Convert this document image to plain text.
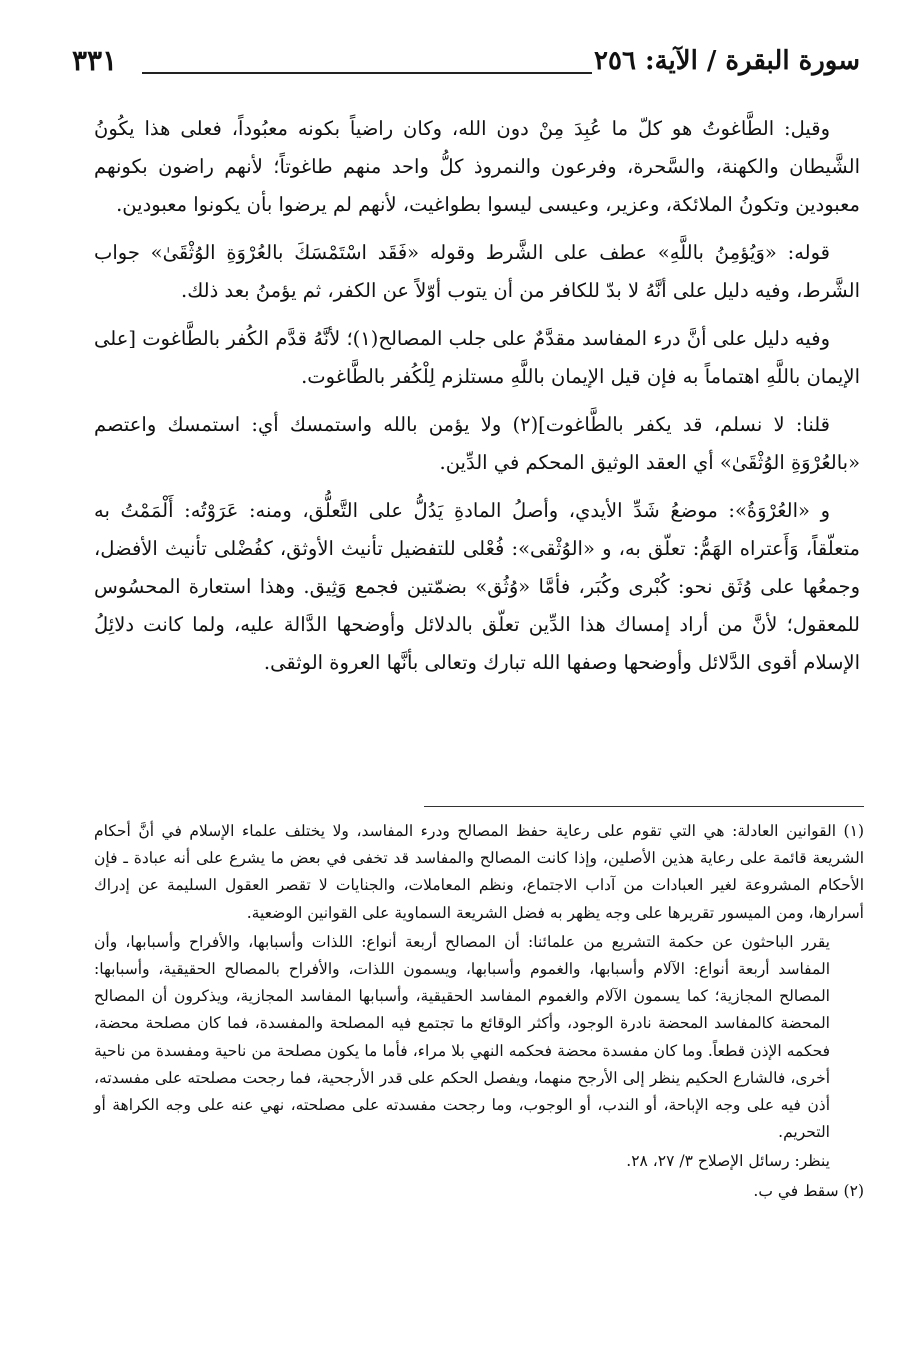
سورة البقرة / الآية: ٢٥٦
٣٣١

وقيل: الطَّاغوتُ هو كلّ ما عُبِدَ مِنْ دون الله، وكان راضياً بكونه معبُوداً، فعلى هذا يكُونُ الشَّيطان والكهنة، والسَّحرة، وفرعون والنمروذ كلُّ واحد منهم طاغوتاً؛ لأنهم راضون بكونهم معبودين وتكونُ الملائكة، وعزير، وعيسى ليسوا بطواغيت، لأنهم لم يرضوا بأن يكونوا معبودين.

قوله: «وَيُؤمِنُ باللَّهِ» عطف على الشَّرط وقوله «فَقَد اسْتَمْسَكَ بالعُرْوَةِ الوُثْقَىٰ» جواب الشَّرط، وفيه دليل على أنَّهُ لا بدّ للكافر من أن يتوب أوّلاً عن الكفر، ثم يؤمنُ بعد ذلك.

وفيه دليل على أنَّ درء المفاسد مقدَّمٌ على جلب المصالح(١)؛ لأنَّهُ قدَّم الكُفر بالطَّاغوت [على الإيمان باللَّهِ اهتماماً به فإن قيل الإيمان باللَّهِ مستلزم لِلْكُفر بالطَّاغوت.

قلنا: لا نسلم، قد يكفر بالطَّاغوت](٢) ولا يؤمن بالله واستمسك أي: استمسك واعتصم «بالعُرْوَةِ الوُثْقَىٰ» أي العقد الوثيق المحكم في الدِّين.

و «العُرْوَةُ»: موضعُ شَدِّ الأيدي، وأصلُ المادةِ يَدُلُّ على التَّعلُّق، ومنه: عَرَوْتُه: أَلْمَمْتُ به متعلّقاً، وَأَعتراه الهَمُّ: تعلّق به، و «الوُثْقى»: فُعْلى للتفضيل تأنيث الأوثق، كفُضْلى تأنيث الأفضل، وجمعُها على وُثَق نحو: كُبْرى وكُبَر، فأمَّا «وُثُق» بضمّتين فجمع وَثِيق. وهذا استعارة المحسُوس للمعقول؛ لأنَّ من أراد إمساك هذا الدِّين تعلّق بالدلائل وأوضحها الدَّالة عليه، ولما كانت دلائِلُ الإسلام أقوى الدَّلائل وأوضحها وصفها الله تبارك وتعالى بأنَّها العروة الوثقى.

(١) القوانين العادلة: هي التي تقوم على رعاية حفظ المصالح ودرء المفاسد، ولا يختلف علماء الإسلام في أنَّ أحكام الشريعة قائمة على رعاية هذين الأصلين، وإذا كانت المصالح والمفاسد قد تخفى في بعض ما يشرع على أنه عبادة ـ فإن الأحكام المشروعة لغير العبادات من آداب الاجتماع، ونظم المعاملات، والجنايات لا تقصر العقول السليمة عن إدراك أسرارها، ومن الميسور تقريرها على وجه يظهر به فضل الشريعة السماوية على القوانين الوضعية.

يقرر الباحثون عن حكمة التشريع من علمائنا: أن المصالح أربعة أنواع: اللذات وأسبابها، والأفراح وأسبابها، وأن المفاسد أربعة أنواع: الآلام وأسبابها، والغموم وأسبابها، ويسمون اللذات، والأفراح بالمصالح الحقيقية، وأسبابها: المصالح المجازية؛ كما يسمون الآلام والغموم المفاسد الحقيقية، وأسبابها المفاسد المجازية، ويذكرون أن المصالح المحضة كالمفاسد المحضة نادرة الوجود، وأكثر الوقائع ما تجتمع فيه المصلحة والمفسدة، فما كان مصلحة محضة، فحكمه الإذن قطعاً. وما كان مفسدة محضة فحكمه النهي بلا مراء، فأما ما يكون مصلحة من ناحية ومفسدة من ناحية أخرى، فالشارع الحكيم ينظر إلى الأرجح منهما، ويفصل الحكم على قدر الأرجحية، فما رجحت مصلحته على مفسدته، أذن فيه على وجه الإباحة، أو الندب، أو الوجوب، وما رجحت مفسدته على مصلحته، نهي عنه على وجه الكراهة أو التحريم.

ينظر: رسائل الإصلاح ٣/ ٢٧، ٢٨.

(٢) سقط في ب.
